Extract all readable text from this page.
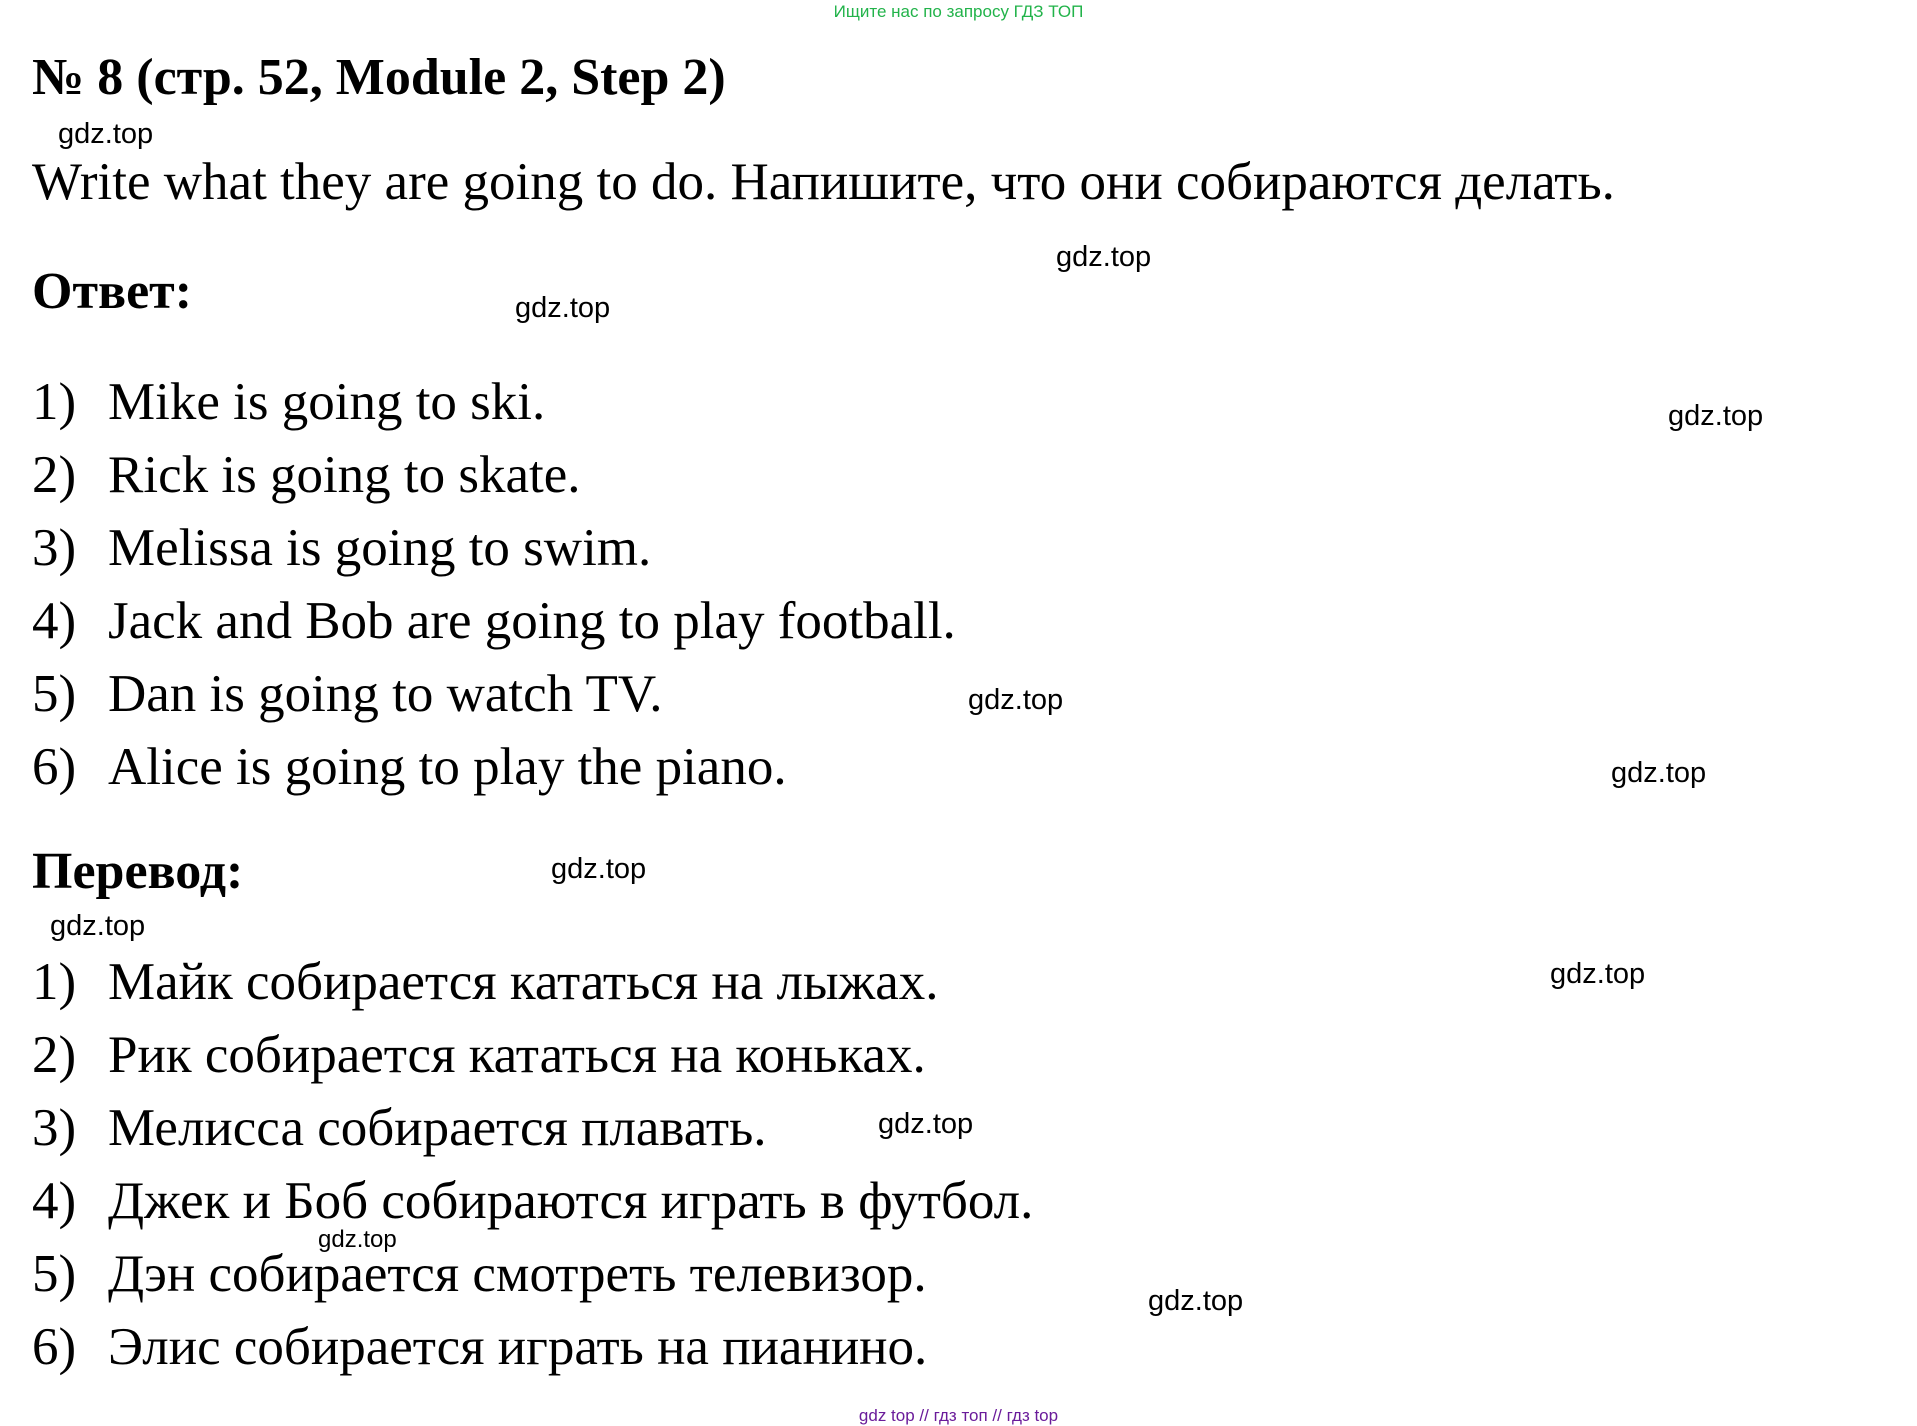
Ищите нас по запросу ГДЗ ТОП
№ 8 (стр. 52, Module 2, Step 2)
gdz.top
Write what they are going to do. Напишите, что они собираются делать.
gdz.top
Ответ:	gdz.top
1) Mike is going to ski.
2) Rick is going to skate.
3) Melissa is going to swim.
4) Jack and Bob are going to play football.
5) Dan is going to watch TV.
6) Alice is going to play the piano.
gdz.top
gdz.top
gdz.top
Перевод:	gdz.top
gdz.top
1) Майк собирается кататься на лыжах.
2) Рик собирается кататься на коньках.
3) Мелисса собирается плавать.
4) Джек и Боб собираются играть в футбол.
5) Дэн собирается смотреть телевизор.
6) Элис собирается играть на пианино.
gdz.top
gdz.top
gdz.top
gdz.top
gdz top // гдз топ // гдз top
